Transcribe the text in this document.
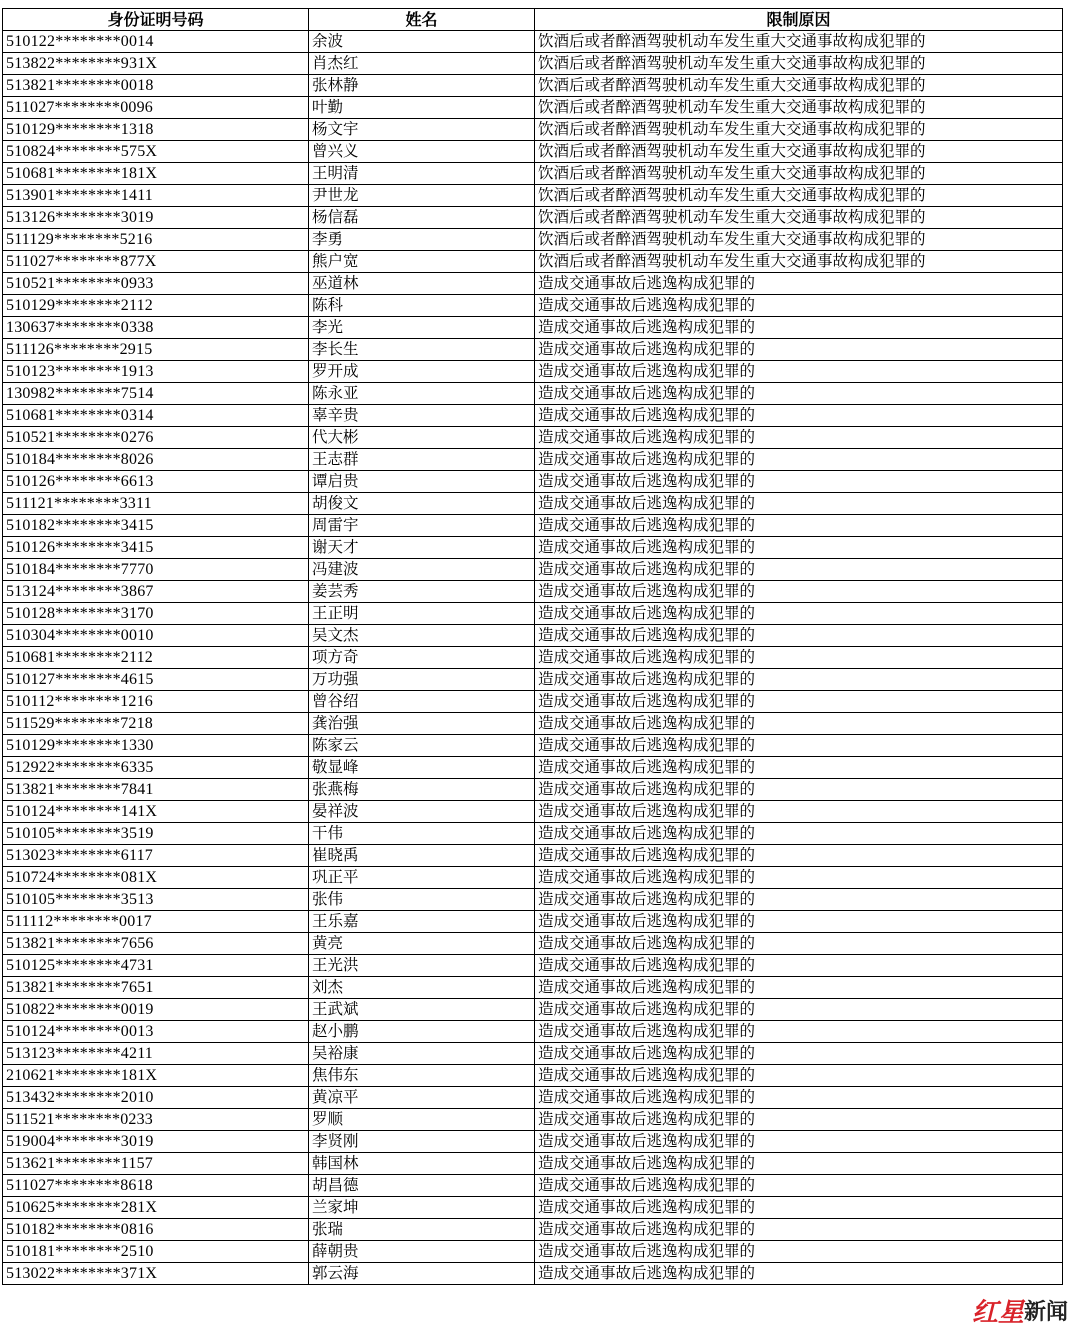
身份证明号码	姓名	限制原因
510122********0014	余波	饮酒后或者醉酒驾驶机动车发生重大交通事故构成犯罪的
513822********931X	肖杰红	饮酒后或者醉酒驾驶机动车发生重大交通事故构成犯罪的
513821********0018	张林静	饮酒后或者醉酒驾驶机动车发生重大交通事故构成犯罪的
511027********0096	叶勤	饮酒后或者醉酒驾驶机动车发生重大交通事故构成犯罪的
510129********1318	杨文宇	饮酒后或者醉酒驾驶机动车发生重大交通事故构成犯罪的
510824********575X	曾兴义	饮酒后或者醉酒驾驶机动车发生重大交通事故构成犯罪的
510681********181X	王明清	饮酒后或者醉酒驾驶机动车发生重大交通事故构成犯罪的
513901********1411	尹世龙	饮酒后或者醉酒驾驶机动车发生重大交通事故构成犯罪的
513126********3019	杨信磊	饮酒后或者醉酒驾驶机动车发生重大交通事故构成犯罪的
511129********5216	李勇	饮酒后或者醉酒驾驶机动车发生重大交通事故构成犯罪的
511027********877X	熊户宽	饮酒后或者醉酒驾驶机动车发生重大交通事故构成犯罪的
510521********0933	巫道林	造成交通事故后逃逸构成犯罪的
510129********2112	陈科	造成交通事故后逃逸构成犯罪的
130637********0338	李光	造成交通事故后逃逸构成犯罪的
511126********2915	李长生	造成交通事故后逃逸构成犯罪的
510123********1913	罗开成	造成交通事故后逃逸构成犯罪的
130982********7514	陈永亚	造成交通事故后逃逸构成犯罪的
510681********0314	辜辛贵	造成交通事故后逃逸构成犯罪的
510521********0276	代大彬	造成交通事故后逃逸构成犯罪的
510184********8026	王志群	造成交通事故后逃逸构成犯罪的
510126********6613	谭启贵	造成交通事故后逃逸构成犯罪的
511121********3311	胡俊文	造成交通事故后逃逸构成犯罪的
510182********3415	周雷宇	造成交通事故后逃逸构成犯罪的
510126********3415	谢天才	造成交通事故后逃逸构成犯罪的
510184********7770	冯建波	造成交通事故后逃逸构成犯罪的
513124********3867	姜芸秀	造成交通事故后逃逸构成犯罪的
510128********3170	王正明	造成交通事故后逃逸构成犯罪的
510304********0010	吴文杰	造成交通事故后逃逸构成犯罪的
510681********2112	项方奇	造成交通事故后逃逸构成犯罪的
510127********4615	万功强	造成交通事故后逃逸构成犯罪的
510112********1216	曾谷绍	造成交通事故后逃逸构成犯罪的
511529********7218	龚治强	造成交通事故后逃逸构成犯罪的
510129********1330	陈家云	造成交通事故后逃逸构成犯罪的
512922********6335	敬显峰	造成交通事故后逃逸构成犯罪的
513821********7841	张燕梅	造成交通事故后逃逸构成犯罪的
510124********141X	晏祥波	造成交通事故后逃逸构成犯罪的
510105********3519	干伟	造成交通事故后逃逸构成犯罪的
513023********6117	崔晓禹	造成交通事故后逃逸构成犯罪的
510724********081X	巩正平	造成交通事故后逃逸构成犯罪的
510105********3513	张伟	造成交通事故后逃逸构成犯罪的
511112********0017	王乐嘉	造成交通事故后逃逸构成犯罪的
513821********7656	黄亮	造成交通事故后逃逸构成犯罪的
510125********4731	王光洪	造成交通事故后逃逸构成犯罪的
513821********7651	刘杰	造成交通事故后逃逸构成犯罪的
510822********0019	王武斌	造成交通事故后逃逸构成犯罪的
510124********0013	赵小鹏	造成交通事故后逃逸构成犯罪的
513123********4211	吴裕康	造成交通事故后逃逸构成犯罪的
210621********181X	焦伟东	造成交通事故后逃逸构成犯罪的
513432********2010	黄凉平	造成交通事故后逃逸构成犯罪的
511521********0233	罗顺	造成交通事故后逃逸构成犯罪的
519004********3019	李贤刚	造成交通事故后逃逸构成犯罪的
513621********1157	韩国林	造成交通事故后逃逸构成犯罪的
511027********8618	胡昌德	造成交通事故后逃逸构成犯罪的
510625********281X	兰家坤	造成交通事故后逃逸构成犯罪的
510182********0816	张瑞	造成交通事故后逃逸构成犯罪的
510181********2510	薛朝贵	造成交通事故后逃逸构成犯罪的
513022********371X	郭云海	造成交通事故后逃逸构成犯罪的
红星 新闻
